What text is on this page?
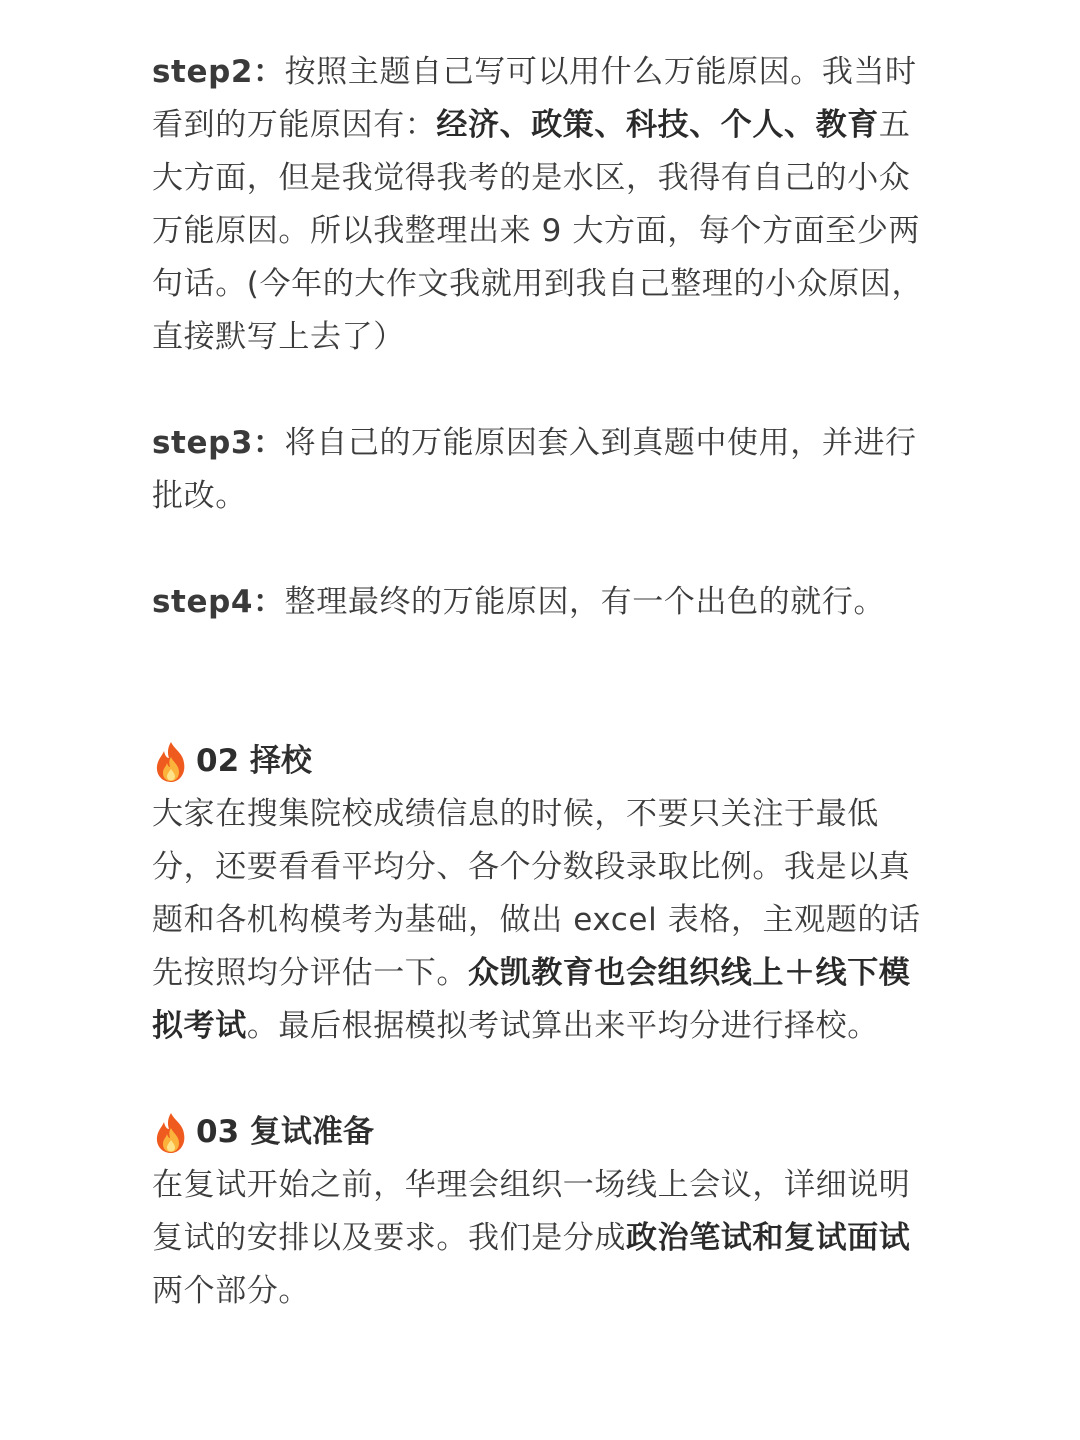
step2：按照主题自己写可以用什么万能原因。我当时看到的万能原因有：经济、政策、科技、个人、教育五大方面，但是我觉得我考的是水区，我得有自己的小众万能原因。所以我整理出来 9 大方面，每个方面至少两句话。(今年的大作文我就用到我自己整理的小众原因，直接默写上去了）

step3：将自己的万能原因套入到真题中使用，并进行批改。

step4：整理最终的万能原因，有一个出色的就行。

02 择校

大家在搜集院校成绩信息的时候，不要只关注于最低分，还要看看平均分、各个分数段录取比例。我是以真题和各机构模考为基础，做出 excel 表格，主观题的话先按照均分评估一下。众凯教育也会组织线上＋线下模拟考试。最后根据模拟考试算出来平均分进行择校。

03 复试准备

在复试开始之前，华理会组织一场线上会议，详细说明复试的安排以及要求。我们是分成政治笔试和复试面试两个部分。
